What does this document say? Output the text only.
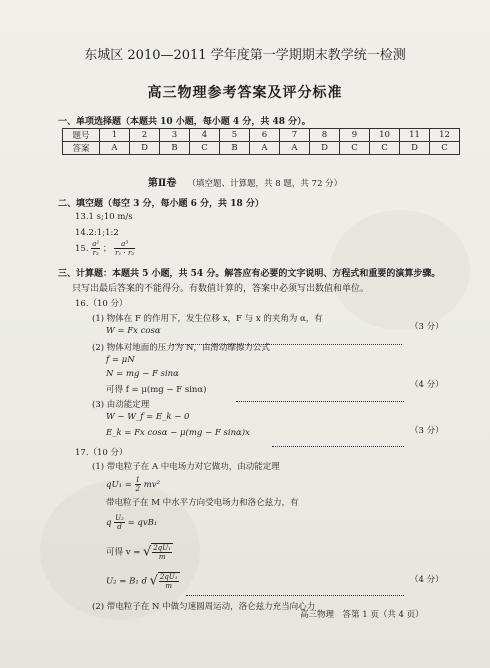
东城区 2010—2011 学年度第一学期期末教学统一检测
高三物理参考答案及评分标准
一、单项选择题（本题共 10 小题，每小题 4 分，共 48 分）。
题号	1	2	3	4	5	6	7	8	9	10	11	12
答案	A	D	B	C	B	A	A	D	C	C	D	C
第Ⅱ卷 （填空题、计算题，共 8 题，共 72 分）
二、填空题（每空 3 分，每小题 6 分，共 18 分）
13.1 s;10 m/s
14.2:1;1:2
15. $\frac{\text{a²}}{\text{r₂}}$ ； $\frac{\text{a³}}{\text{r₁ · r₂}}$
三、计算题：本题共 5 小题，共 54 分。解答应有必要的文字说明、方程式和重要的演算步骤。
只写出最后答案的不能得分。有数值计算的，答案中必须写出数值和单位。
16.（10 分）
(1) 物体在 F 的作用下，发生位移 x，F 与 x 的夹角为 α，有
W = Fx cosα	（3 分）
(2) 物体对地面的压力为 N，由滑动摩擦力公式
f = μN
N = mg − F sinα
可得 f = μ(mg − F sinα)	（4 分）
(3) 由动能定理
W − W_f = E_k − 0
E_k = Fx cosα − μ(mg − F sinα)x	（3 分）
17.（10 分）
(1) 带电粒子在 A 中电场力对它做功，由动能定理
$qU_1 = \frac{1}{2} mv^2$
带电粒子在 M 中水平方向受电场力和洛仑兹力，有
q $\frac{\text{U₂}}{d} = qvB_1$
可得 v = √ $\frac{\text{2qU₁}}{m}$
U₂ = B₁ d √ $\frac{\text{2qU₁}}{m}$	（4 分）
(2) 带电粒子在 N 中做匀速圆周运动，洛仑兹力充当向心力
高三物理　答第 1 页（共 4 页）
